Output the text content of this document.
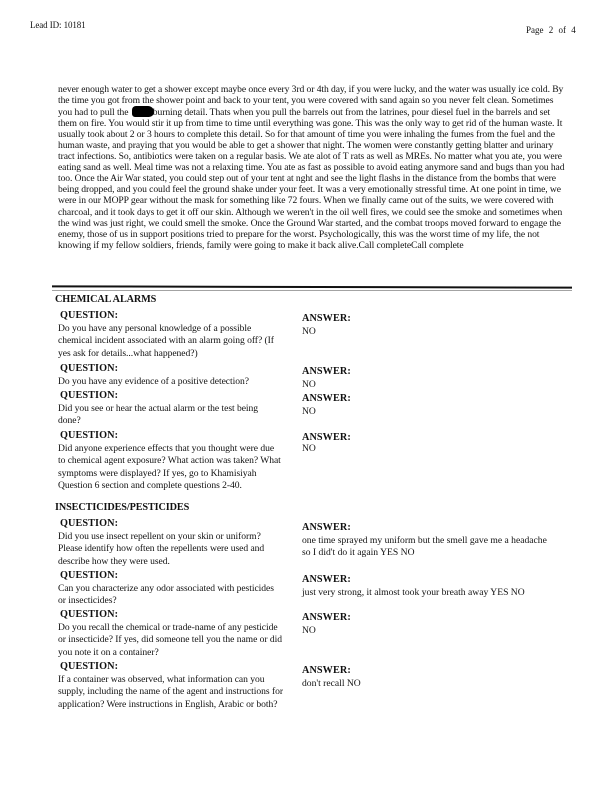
Lead ID: 10181	Page 2 of 4
never enough water to get a shower except maybe once every 3rd or 4th day, if you were lucky, and the water was usually ice cold. By the time you got from the shower point and back to your tent, you were covered with sand again so you never felt clean. Sometimes you had to pull the	burning detail. Thats when you pull the barrels out from the latrines, pour diesel fuel in the barrels and set them on fire. You would stir it up from time to time until everything was gone. This was the only way to get rid of the human waste. It usually took about 2 or 3 hours to complete this detail. So for that amount of time you were inhaling the fumes from the fuel and the human waste, and praying that you would be able to get a shower that night. The women were constantly getting blatter and urinary tract infections. So, antibiotics were taken on a regular basis. We ate alot of T rats as well as MREs. No matter what you ate, you were eating sand as well. Meal time was not a relaxing time. You ate as fast as possible to avoid eating anymore sand and bugs than you had too. Once the Air War stated, you could step out of your tent at nght and see the light flashs in the distance from the bombs that were being dropped, and you could feel the ground shake under your feet. It was a very emotionally stressful time. At one point in time, we were in our MOPP gear without the mask for something like 72 fours. When we finally came out of the suits, we were covered with charcoal, and it took days to get it off our skin. Although we weren't in the oil well fires, we could see the smoke and sometimes when the wind was just right, we could smell the smoke. Once the Ground War started, and the combat troops moved forward to engage the enemy, those of us in support positions tried to prepare for the worst. Psychologically, this was the worst time of my life, the not knowing if my fellow soldiers, friends, family were going to make it back alive.Call completeCall complete
CHEMICAL ALARMS
QUESTION:	ANSWER:
Do you have any personal knowledge of a possible chemical incident associated with an alarm going off? (If yes ask for details...what happened?)
NO
QUESTION:	ANSWER:
Do you have any evidence of a positive detection?	NO
QUESTION:	ANSWER:
Did you see or hear the actual alarm or the test being done?
NO
QUESTION:	ANSWER:
Did anyone experience effects that you thought were due to chemical agent exposure? What action was taken? What symptoms were displayed? If yes, go to Khamisiyah Question 6 section and complete questions 2-40.
NO
INSECTICIDES/PESTICIDES
QUESTION:	ANSWER:
Did you use insect repellent on your skin or uniform? Please identify how often the repellents were used and describe how they were used.
one time sprayed my uniform but the smell gave me a headache so I did't do it again YES NO
QUESTION:	ANSWER:
Can you characterize any odor associated with pesticides or insecticides?
just very strong, it almost took your breath away YES NO
QUESTION:	ANSWER:
Do you recall the chemical or trade-name of any pesticide or insecticide? If yes, did someone tell you the name or did you note it on a container?
NO
QUESTION:	ANSWER:
If a container was observed, what information can you supply, including the name of the agent and instructions for application? Were instructions in English, Arabic or both?
don't recall NO
